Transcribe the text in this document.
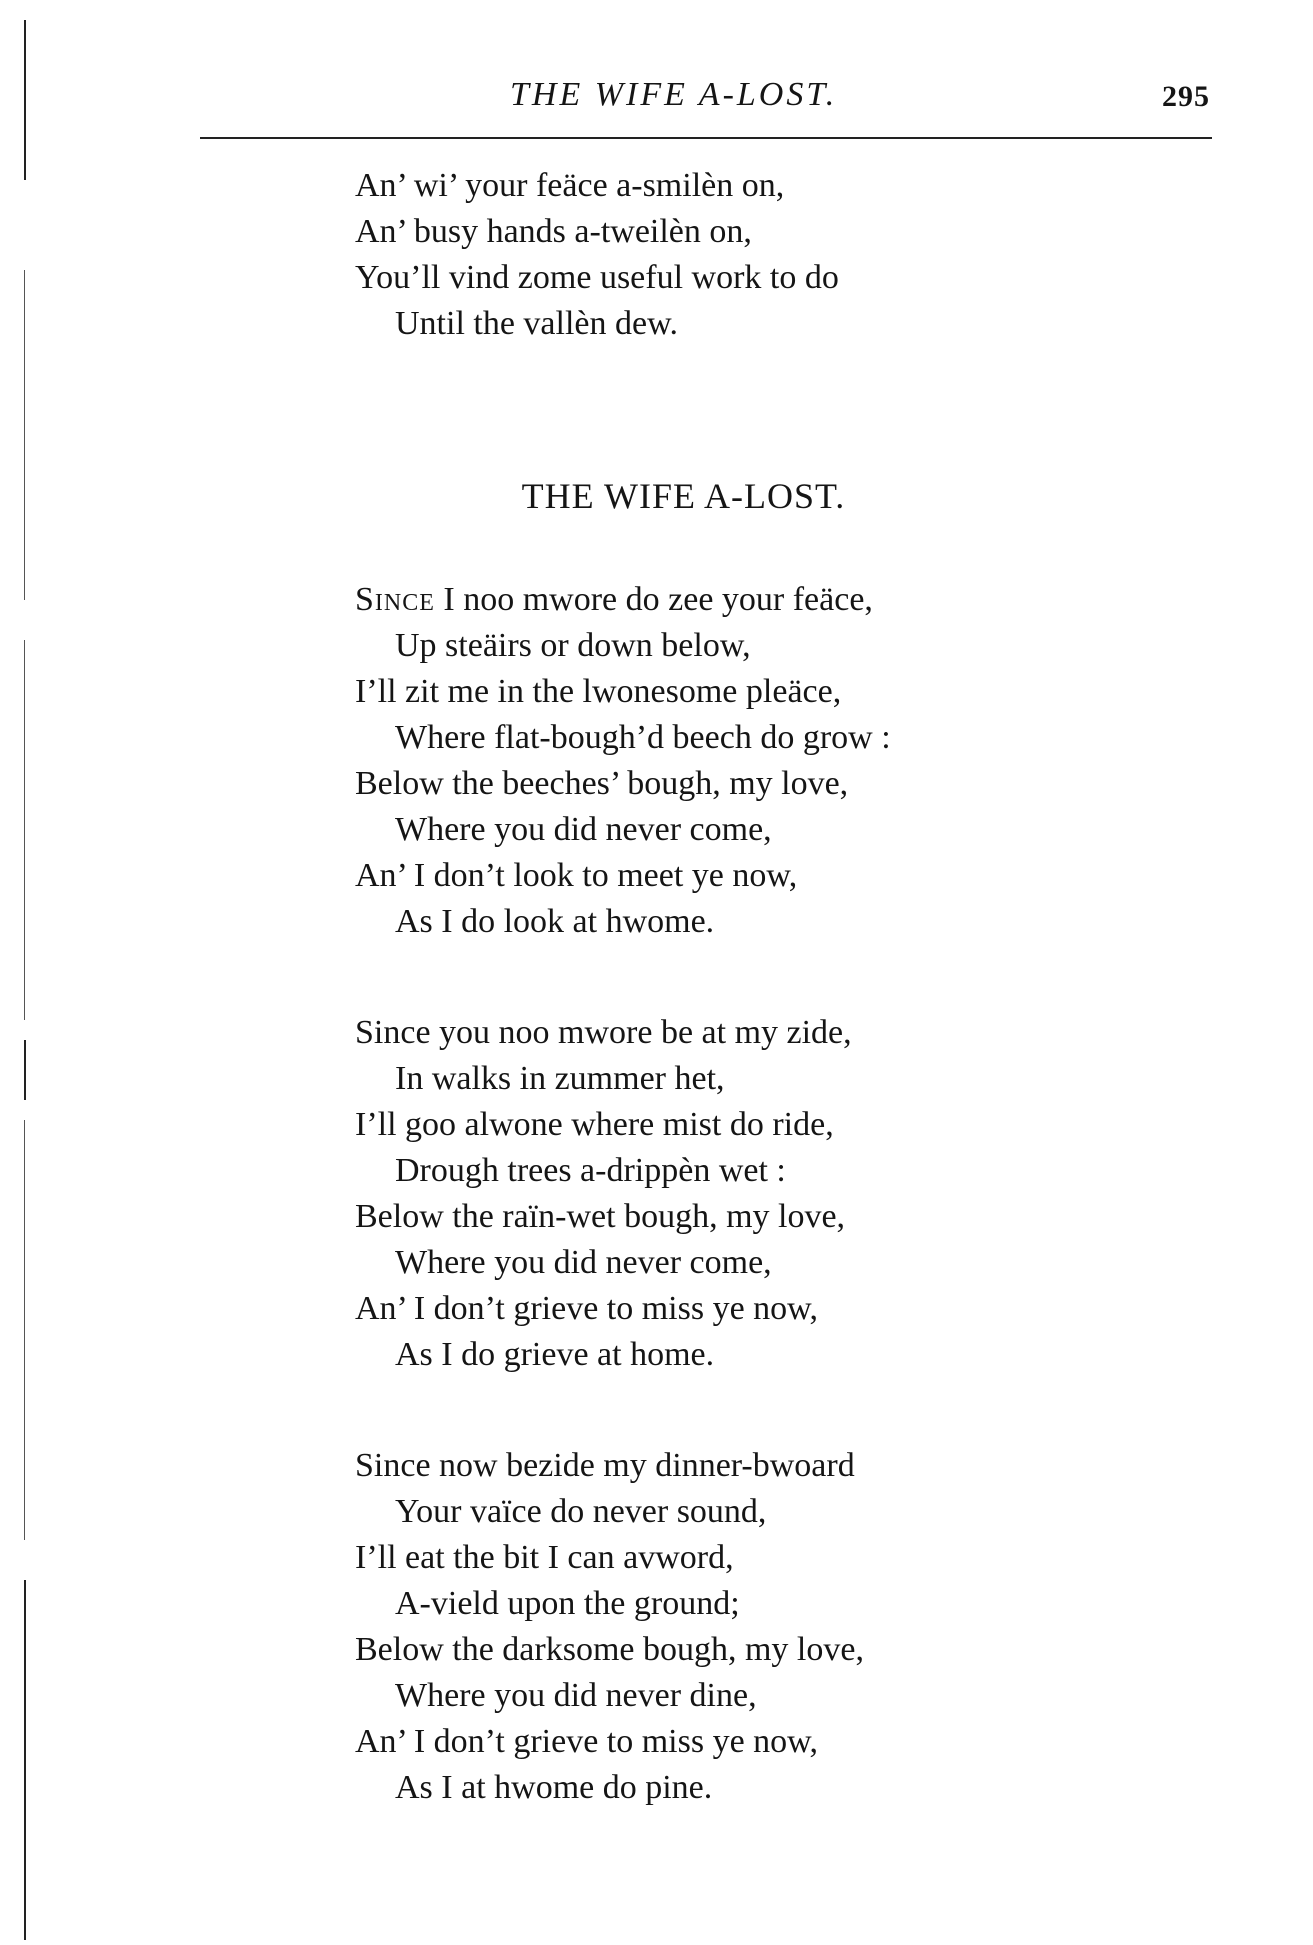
THE WIFE A-LOST.	295
An’ wi’ your feäce a-smilèn on,
An’ busy hands a-tweilèn on,
You’ll vind zome useful work to do
Until the vallèn dew.
THE WIFE A-LOST.
Since I noo mwore do zee your feäce,
Up steäirs or down below,
I’ll zit me in the lwonesome pleäce,
Where flat-bough’d beech do grow :
Below the beeches’ bough, my love,
Where you did never come,
An’ I don’t look to meet ye now,
As I do look at hwome.
Since you noo mwore be at my zide,
In walks in zummer het,
I’ll goo alwone where mist do ride,
Drough trees a-drippèn wet :
Below the raïn-wet bough, my love,
Where you did never come,
An’ I don’t grieve to miss ye now,
As I do grieve at home.
Since now bezide my dinner-bwoard
Your vaïce do never sound,
I’ll eat the bit I can avword,
A-vield upon the ground;
Below the darksome bough, my love,
Where you did never dine,
An’ I don’t grieve to miss ye now,
As I at hwome do pine.
